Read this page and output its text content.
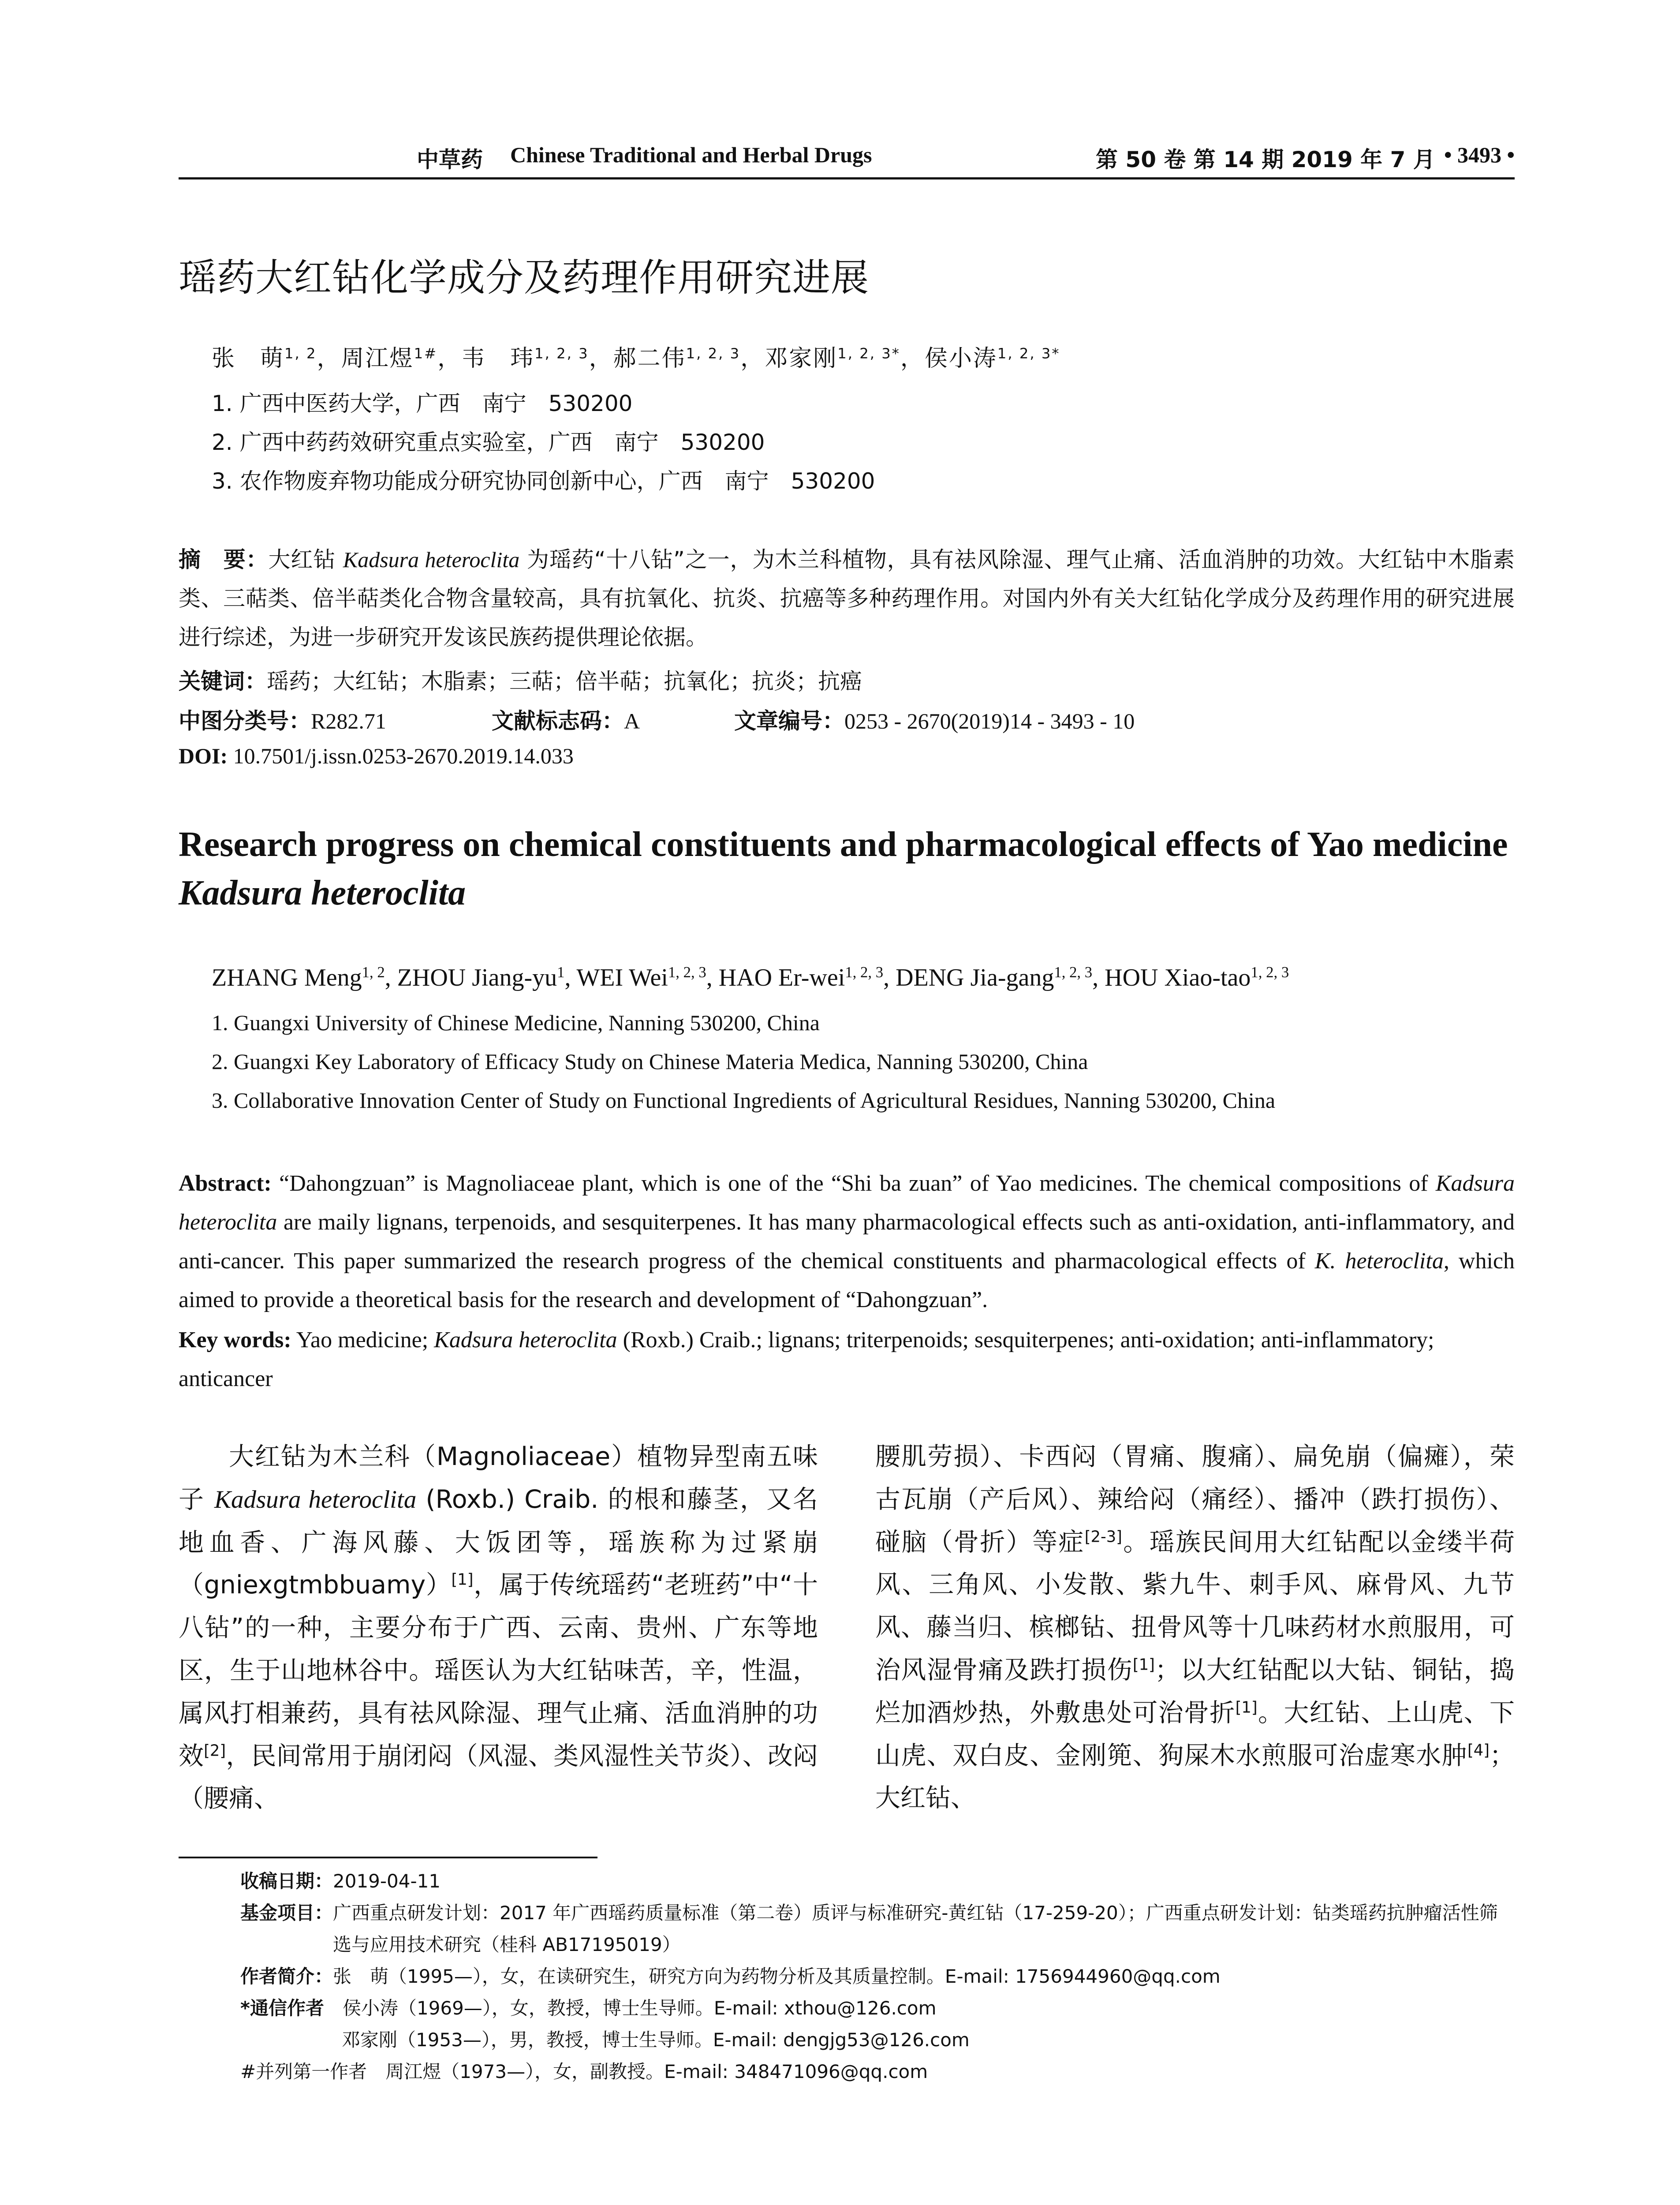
中草药 Chinese Traditional and Herbal Drugs	第 50 卷 第 14 期 2019 年 7 月 • 3493 •
瑶药大红钻化学成分及药理作用研究进展
张　萌$^{1, 2}$，周江煜$^{1\#}$，韦　玮$^{1, 2, 3}$，郝二伟$^{1, 2, 3}$，邓家刚$^{1, 2, 3*}$，侯小涛$^{1, 2, 3*}$
1. 广西中医药大学，广西　南宁　530200
2. 广西中药药效研究重点实验室，广西　南宁　530200
3. 农作物废弃物功能成分研究协同创新中心，广西　南宁　530200
摘　要：大红钻 Kadsura heteroclita 为瑶药“十八钻”之一，为木兰科植物，具有祛风除湿、理气止痛、活血消肿的功效。大红钻中木脂素类、三萜类、倍半萜类化合物含量较高，具有抗氧化、抗炎、抗癌等多种药理作用。对国内外有关大红钻化学成分及药理作用的研究进展进行综述，为进一步研究开发该民族药提供理论依据。
关键词：瑶药；大红钻；木脂素；三萜；倍半萜；抗氧化；抗炎；抗癌
中图分类号：R282.71	文献标志码：A	文章编号：0253 - 2670(2019)14 - 3493 - 10
DOI: 10.7501/j.issn.0253-2670.2019.14.033
Research progress on chemical constituents and pharmacological effects of Yao medicine Kadsura heteroclita
ZHANG Meng$^{1, 2}$, ZHOU Jiang-$yu^1$, WEI Wei$^{1, 2, 3}$, HAO Er-wei$^{1, 2, 3}$, DENG Jia-gang$^{1, 2, 3}$, HOU Xiao-tao$^{1, 2, 3}$
1. Guangxi University of Chinese Medicine, Nanning 530200, China
2. Guangxi Key Laboratory of Efficacy Study on Chinese Materia Medica, Nanning 530200, China
3. Collaborative Innovation Center of Study on Functional Ingredients of Agricultural Residues, Nanning 530200, China
Abstract: “Dahongzuan” is Magnoliaceae plant, which is one of the “Shi ba zuan” of Yao medicines. The chemical compositions of Kadsura heteroclita are maily lignans, terpenoids, and sesquiterpenes. It has many pharmacological effects such as anti-oxidation, anti-inflammatory, and anti-cancer. This paper summarized the research progress of the chemical constituents and pharmacological effects of K. heteroclita, which aimed to provide a theoretical basis for the research and development of “Dahongzuan”.
Key words: Yao medicine; Kadsura heteroclita (Roxb.) Craib.; lignans; triterpenoids; sesquiterpenes; anti-oxidation; anti-inflammatory; anticancer
大红钻为木兰科（Magnoliaceae）植物异型南五味子 Kadsura heteroclita (Roxb.) Craib. 的根和藤茎，又名地血香、广海风藤、大饭团等，瑶族称为过紧崩（gniexgtmbbuamy）[1]，属于传统瑶药“老班药”中“十八钻”的一种，主要分布于广西、云南、贵州、广东等地区，生于山地林谷中。瑶医认为大红钻味苦，辛，性温，属风打相兼药，具有祛风除湿、理气止痛、活血消肿的功效[2]，民间常用于崩闭闷（风湿、类风湿性关节炎）、改闷（腰痛、
腰肌劳损）、卡西闷（胃痛、腹痛）、扁免崩（偏瘫），荣古瓦崩（产后风）、辣给闷（痛经）、播冲（跌打损伤）、碰脑（骨折）等症[2-3]。瑶族民间用大红钻配以金缕半荷风、三角风、小发散、紫九牛、刺手风、麻骨风、九节风、藤当归、槟榔钻、扭骨风等十几味药材水煎服用，可治风湿骨痛及跌打损伤[1]；以大红钻配以大钻、铜钻，捣烂加酒炒热，外敷患处可治骨折[1]。大红钻、上山虎、下山虎、双白皮、金刚篼、狗屎木水煎服可治虚寒水肿[4]；大红钻、
收稿日期： 2019-04-11
基金项目： 广西重点研发计划：2017 年广西瑶药质量标准（第二卷）质评与标准研究-黄红钻（17-259-20）；广西重点研发计划：钻类瑶药抗肿瘤活性筛选与应用技术研究（桂科 AB17195019）
作者简介： 张　萌（1995—），女，在读研究生，研究方向为药物分析及其质量控制。E-mail: 1756944960@qq.com
*通信作者 　侯小涛（1969—），女，教授，博士生导师。E-mail: xthou@126.com
邓家刚（1953—），男，教授，博士生导师。E-mail: dengjg53@126.com
#并列第一作者 　周江煜（1973—），女，副教授。E-mail: 348471096@qq.com
